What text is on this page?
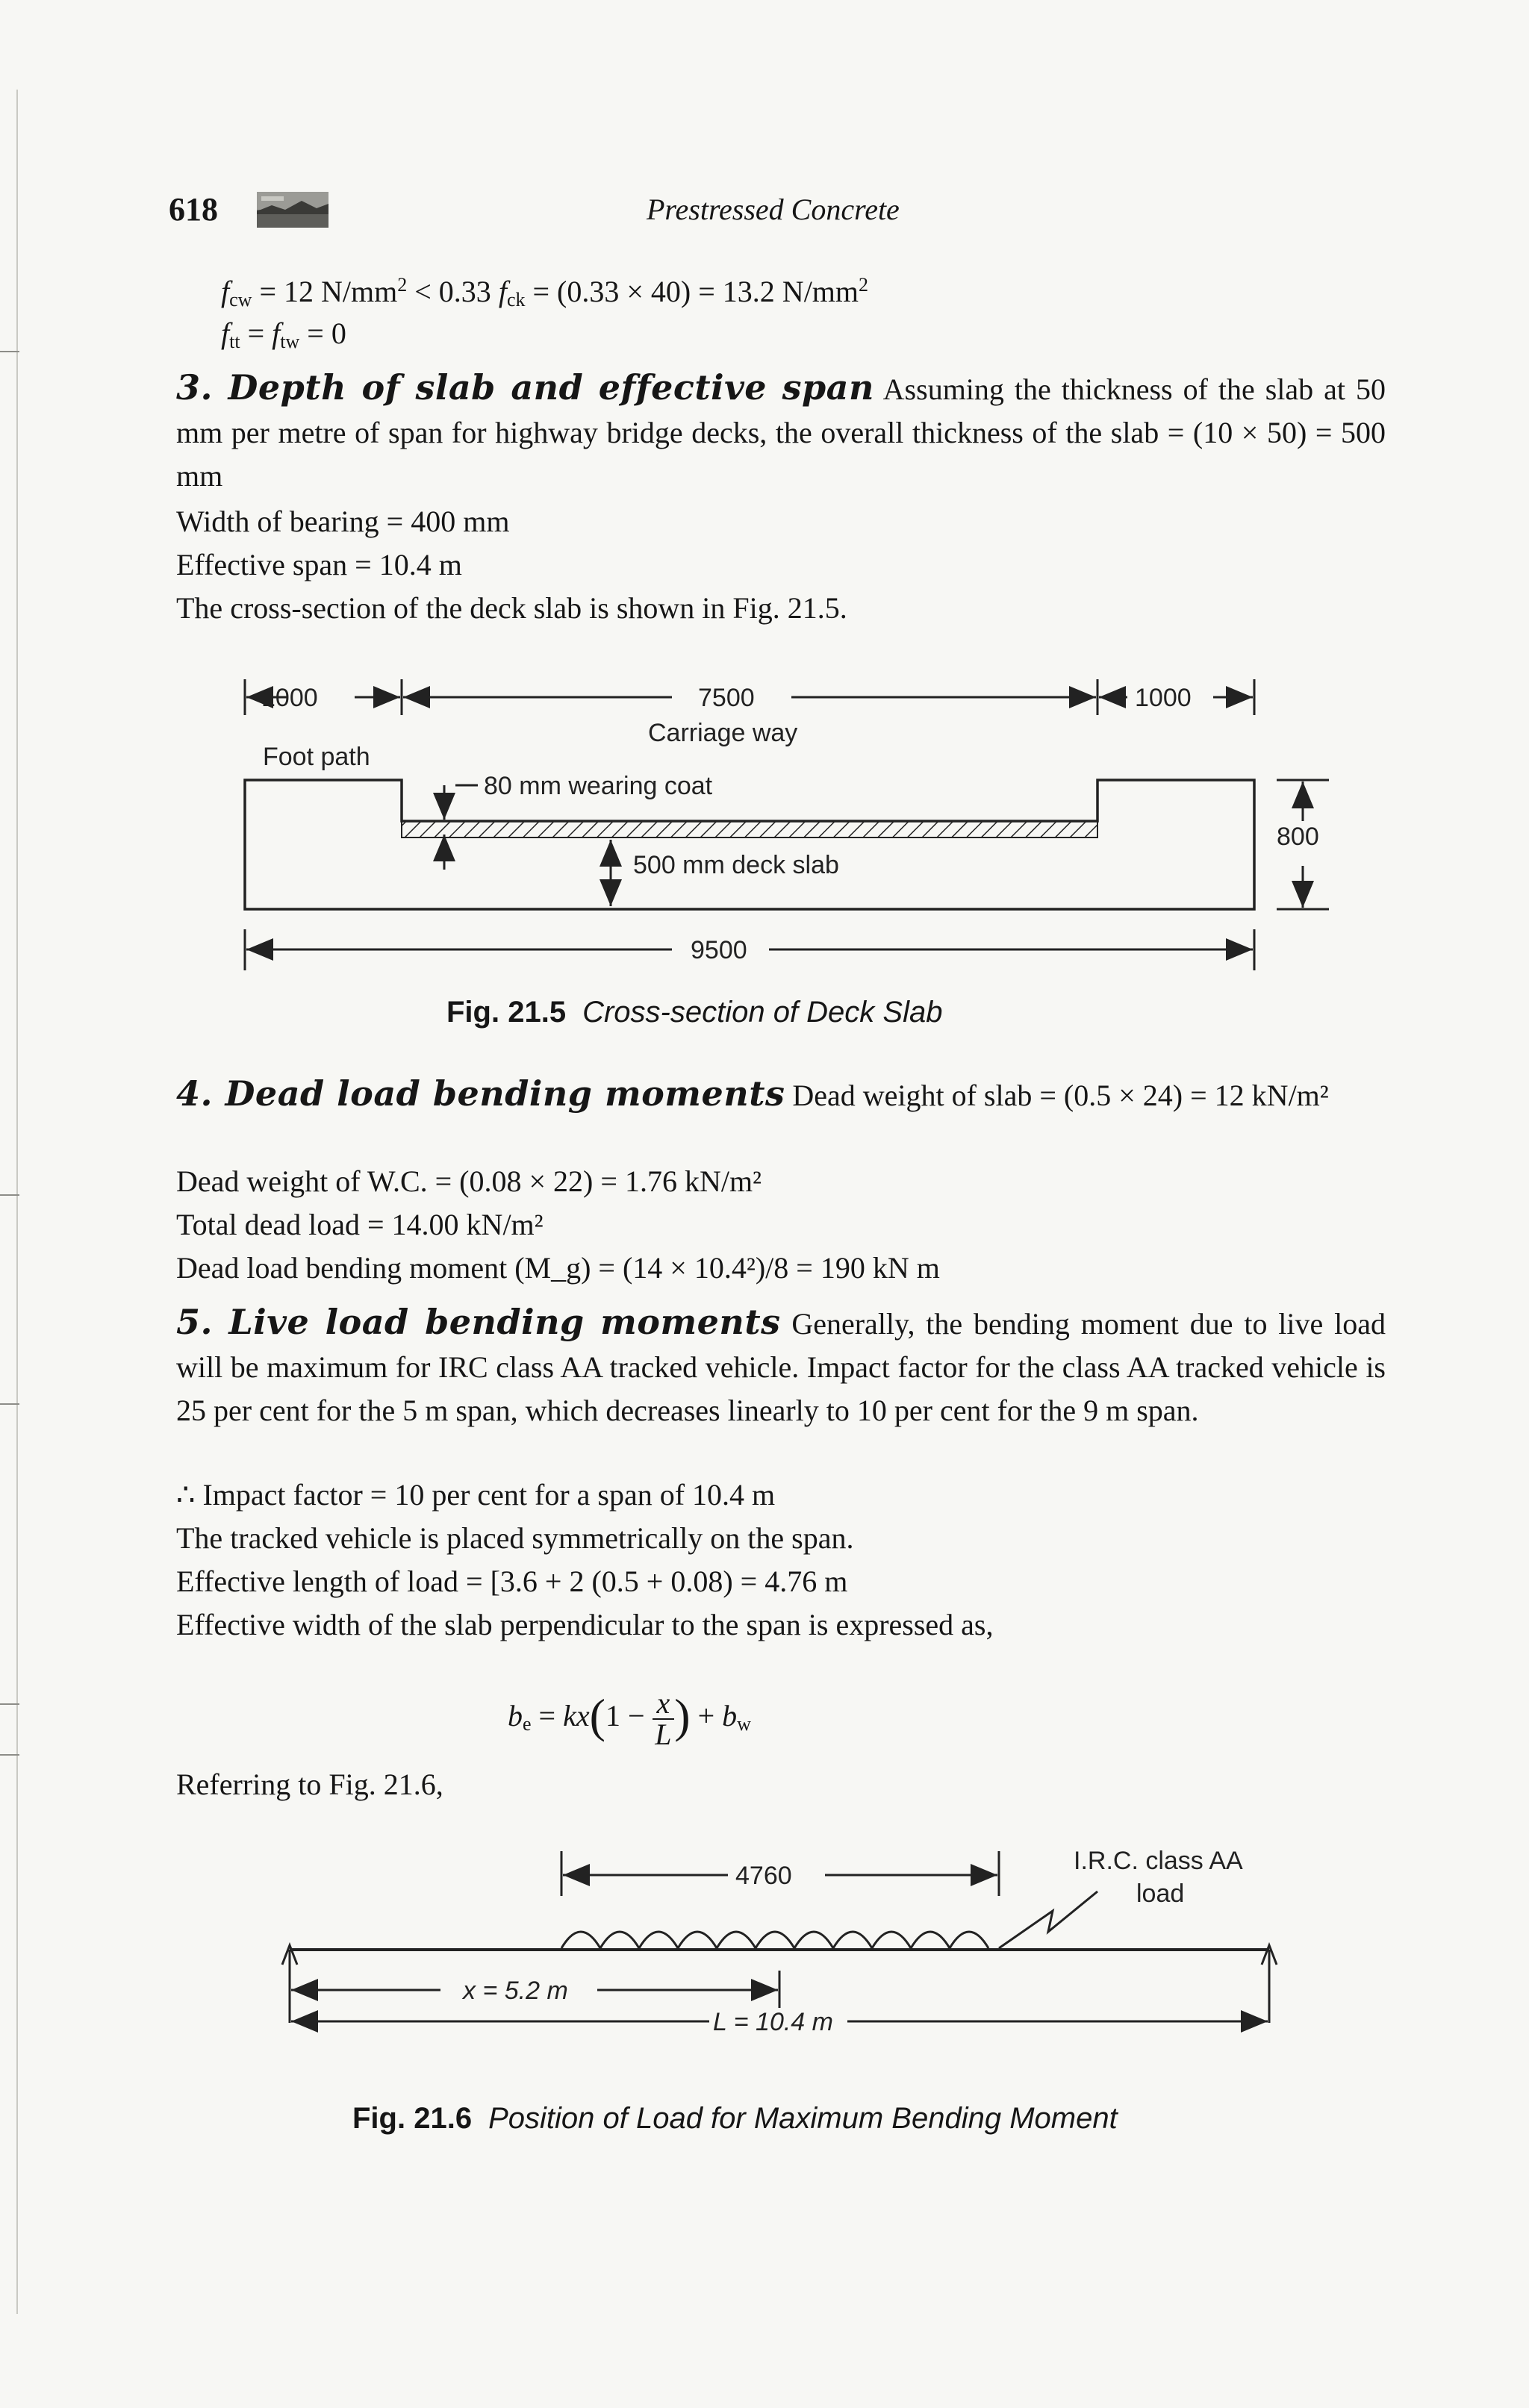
618	Prestressed Concrete
$f_{cw} = 12$ $N/mm^2 < 0.33$ $f_{ck} = (0.33 \times 40) = 13.2$ $N/mm^2$
$f_{tt} = f_{tw} = 0$
3. Depth of slab and effective span Assuming the thickness of the slab at 50 mm per metre of span for highway bridge decks, the overall thickness of the slab = (10 × 50) = 500 mm
Width of bearing = 400 mm
Effective span = 10.4 m
The cross-section of the deck slab is shown in Fig. 21.5.
1000	7500	1000
Carriage way
Foot path
80 mm wearing coat
500 mm deck slab
800
9500
Fig. 21.5 Cross-section of Deck Slab
4. Dead load bending moments Dead weight of slab = (0.5 × 24) = 12 kN/m²
Dead weight of W.C. = (0.08 × 22) = 1.76 kN/m²
Total dead load = 14.00 kN/m²
Dead load bending moment (M_g) = (14 × 10.4²)/8 = 190 kN m
5. Live load bending moments Generally, the bending moment due to live load will be maximum for IRC class AA tracked vehicle. Impact factor for the class AA tracked vehicle is 25 per cent for the 5 m span, which decreases linearly to 10 per cent for the 9 m span.
∴ Impact factor = 10 per cent for a span of 10.4 m
The tracked vehicle is placed symmetrically on the span.
Effective length of load = [3.6 + 2 (0.5 + 0.08) = 4.76 m
Effective width of the slab perpendicular to the span is expressed as,
$b_e = kx(1 - \frac{x}{L}$ ) + $b_w$
Referring to Fig. 21.6,
4760
I.R.C. class AA
load
x = 5.2 m
L = 10.4 m
Fig. 21.6 Position of Load for Maximum Bending Moment
